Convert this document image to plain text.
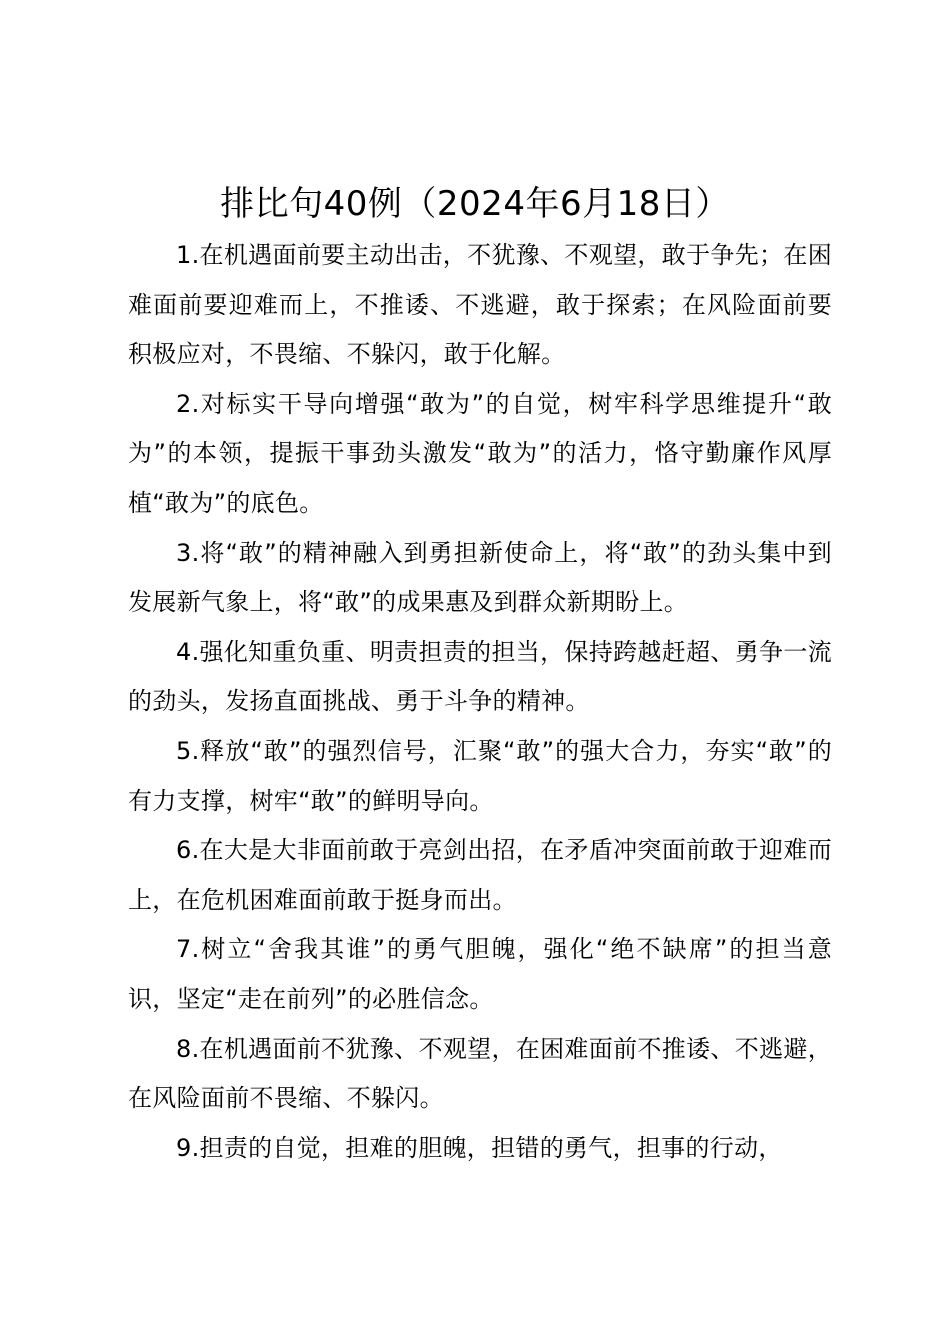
排比句40例（2024年6月18日）

1.在机遇面前要主动出击，不犹豫、不观望，敢于争先；在困难面前要迎难而上，不推诿、不逃避，敢于探索；在风险面前要积极应对，不畏缩、不躲闪，敢于化解。

2.对标实干导向增强“敢为”的自觉，树牢科学思维提升“敢为”的本领，提振干事劲头激发“敢为”的活力，恪守勤廉作风厚植“敢为”的底色。

3.将“敢”的精神融入到勇担新使命上，将“敢”的劲头集中到发展新气象上，将“敢”的成果惠及到群众新期盼上。

4.强化知重负重、明责担责的担当，保持跨越赶超、勇争一流的劲头，发扬直面挑战、勇于斗争的精神。

5.释放“敢”的强烈信号，汇聚“敢”的强大合力，夯实“敢”的有力支撑，树牢“敢”的鲜明导向。

6.在大是大非面前敢于亮剑出招，在矛盾冲突面前敢于迎难而上，在危机困难面前敢于挺身而出。

7.树立“舍我其谁”的勇气胆魄，强化“绝不缺席”的担当意识，坚定“走在前列”的必胜信念。

8.在机遇面前不犹豫、不观望，在困难面前不推诿、不逃避，在风险面前不畏缩、不躲闪。

9.担责的自觉，担难的胆魄，担错的勇气，担事的行动，
